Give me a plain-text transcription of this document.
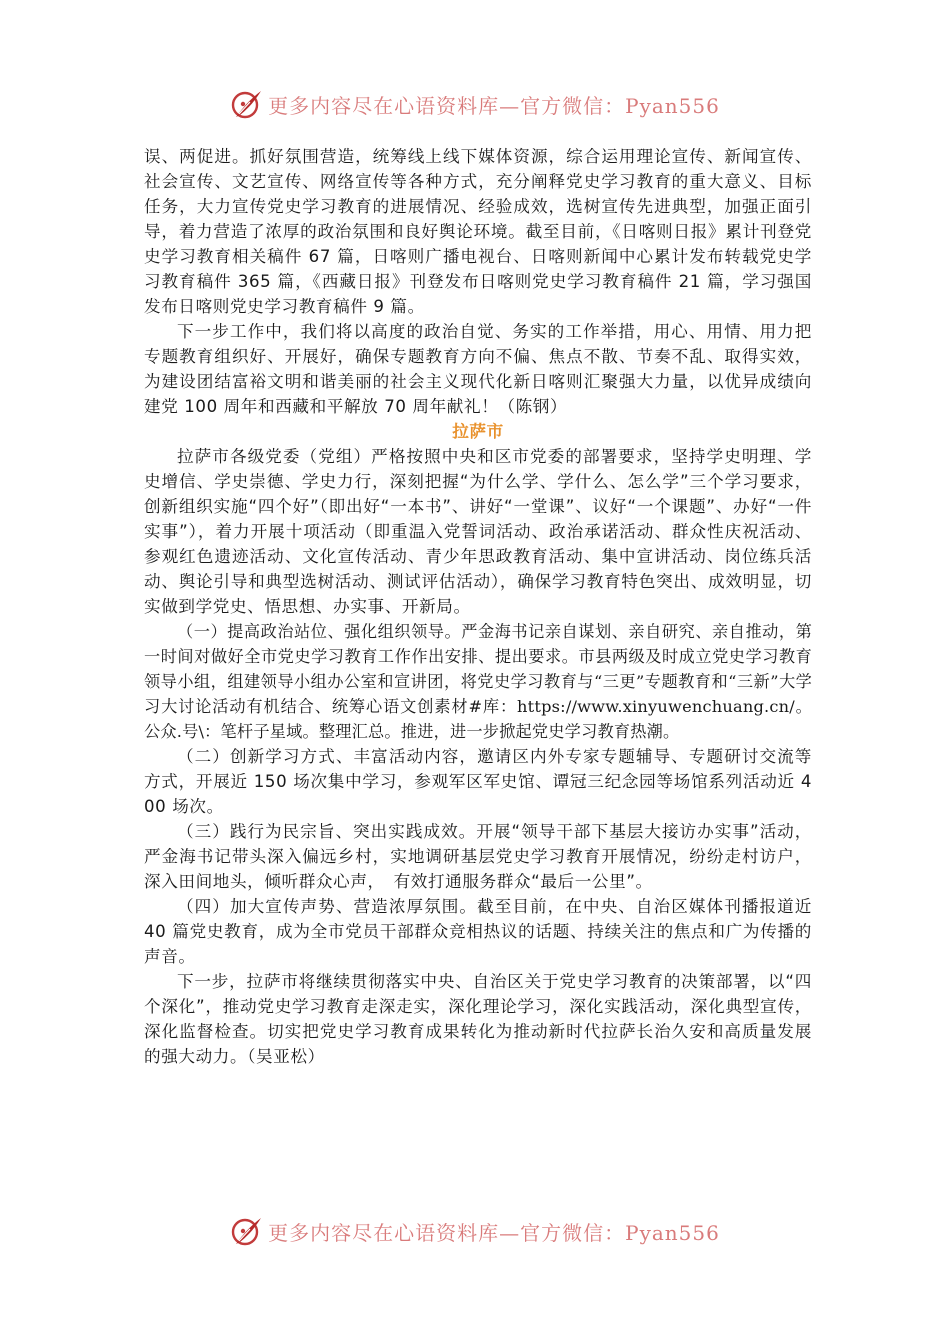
更多内容尽在心语资料库—官方微信：Pyan556

误、两促进。抓好氛围营造，统筹线上线下媒体资源，综合运用理论宣传、新闻宣传、社会宣传、文艺宣传、网络宣传等各种方式，充分阐释党史学习教育的重大意义、目标任务，大力宣传党史学习教育的进展情况、经验成效，选树宣传先进典型，加强正面引导，着力营造了浓厚的政治氛围和良好舆论环境。截至目前，《日喀则日报》累计刊登党史学习教育相关稿件 67 篇，日喀则广播电视台、日喀则新闻中心累计发布转载党史学习教育稿件 365 篇，《西藏日报》刊登发布日喀则党史学习教育稿件 21 篇，学习强国发布日喀则党史学习教育稿件 9 篇。

下一步工作中，我们将以高度的政治自觉、务实的工作举措，用心、用情、用力把专题教育组织好、开展好，确保专题教育方向不偏、焦点不散、节奏不乱、取得实效，为建设团结富裕文明和谐美丽的社会主义现代化新日喀则汇聚强大力量，以优异成绩向建党 100 周年和西藏和平解放 70 周年献礼！（陈钢）

拉萨市

拉萨市各级党委（党组）严格按照中央和区市党委的部署要求，坚持学史明理、学史增信、学史崇德、学史力行，深刻把握“为什么学、学什么、怎么学”三个学习要求，创新组织实施“四个好”（即出好“一本书”、讲好“一堂课”、议好“一个课题”、办好“一件实事”），着力开展十项活动（即重温入党誓词活动、政治承诺活动、群众性庆祝活动、参观红色遗迹活动、文化宣传活动、青少年思政教育活动、集中宣讲活动、岗位练兵活动、舆论引导和典型选树活动、测试评估活动），确保学习教育特色突出、成效明显，切实做到学党史、悟思想、办实事、开新局。

（一）提高政治站位、强化组织领导。严金海书记亲自谋划、亲自研究、亲自推动，第一时间对做好全市党史学习教育工作作出安排、提出要求。市县两级及时成立党史学习教育领导小组，组建领导小组办公室和宣讲团，将党史学习教育与“三更”专题教育和“三新”大学习大讨论活动有机结合、统筹心语文创素材#库：https://www.xinyuwenchuang.cn/。公众.号\：笔杆子星域。整理汇总。推进，进一步掀起党史学习教育热潮。

（二）创新学习方式、丰富活动内容，邀请区内外专家专题辅导、专题研讨交流等方式，开展近 150 场次集中学习，参观军区军史馆、谭冠三纪念园等场馆系列活动近 400 场次。

（三）践行为民宗旨、突出实践成效。开展“领导干部下基层大接访办实事”活动，严金海书记带头深入偏远乡村，实地调研基层党史学习教育开展情况，纷纷走村访户，深入田间地头，倾听群众心声，　有效打通服务群众“最后一公里”。

（四）加大宣传声势、营造浓厚氛围。截至目前，在中央、自治区媒体刊播报道近 40 篇党史教育，成为全市党员干部群众竞相热议的话题、持续关注的焦点和广为传播的声音。

下一步，拉萨市将继续贯彻落实中央、自治区关于党史学习教育的决策部署，以“四个深化”，推动党史学习教育走深走实，深化理论学习，深化实践活动，深化典型宣传，深化监督检查。切实把党史学习教育成果转化为推动新时代拉萨长治久安和高质量发展的强大动力。（吴亚松）

更多内容尽在心语资料库—官方微信：Pyan556
